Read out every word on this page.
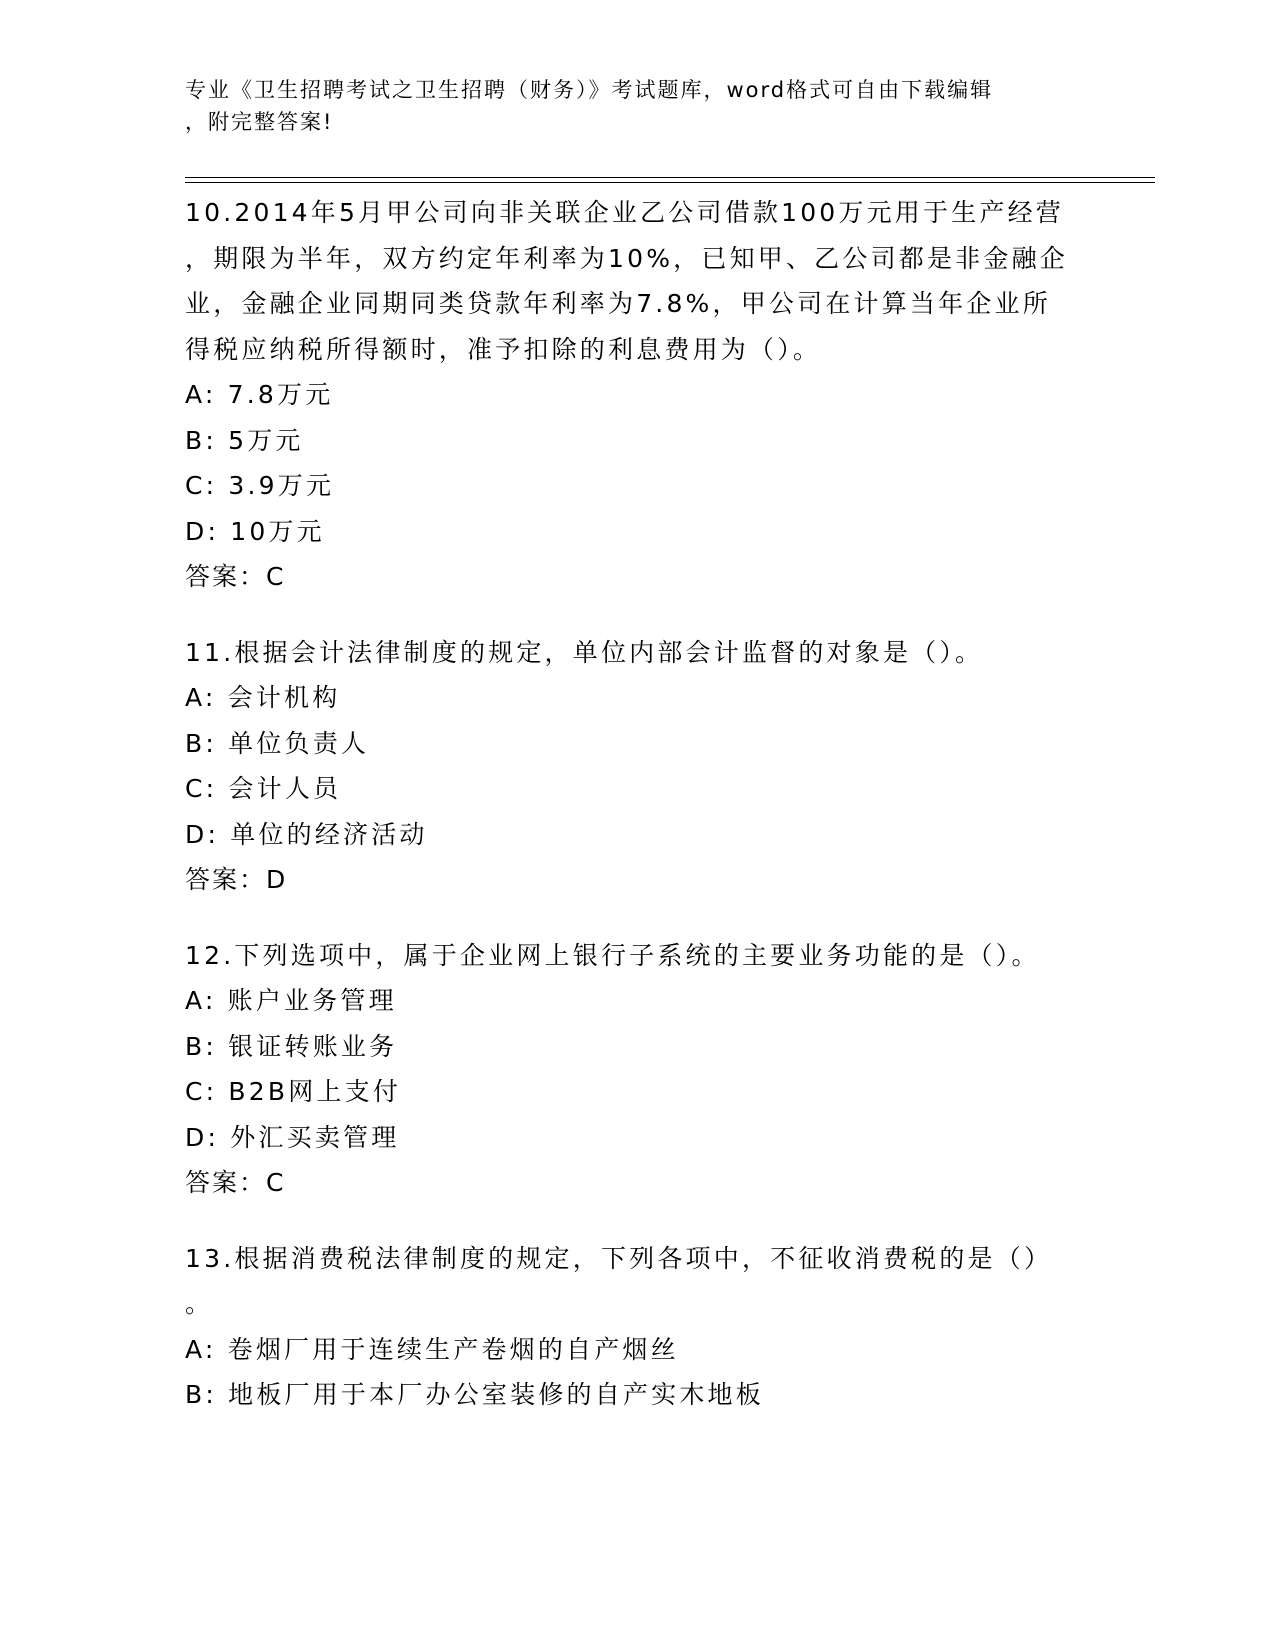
专业《卫生招聘考试之卫生招聘（财务）》考试题库，word格式可自由下载编辑
，附完整答案!
10.2014年5月甲公司向非关联企业乙公司借款100万元用于生产经营
，期限为半年，双方约定年利率为10%，已知甲、乙公司都是非金融企
业，金融企业同期同类贷款年利率为7.8%，甲公司在计算当年企业所
得税应纳税所得额时，准予扣除的利息费用为（）。
A: 7.8万元
B: 5万元
C: 3.9万元
D: 10万元
答案：C
11.根据会计法律制度的规定，单位内部会计监督的对象是（）。
A: 会计机构
B: 单位负责人
C: 会计人员
D: 单位的经济活动
答案：D
12.下列选项中，属于企业网上银行子系统的主要业务功能的是（）。
A: 账户业务管理
B: 银证转账业务
C: B2B网上支付
D: 外汇买卖管理
答案：C
13.根据消费税法律制度的规定，下列各项中，不征收消费税的是（）
。
A: 卷烟厂用于连续生产卷烟的自产烟丝
B: 地板厂用于本厂办公室装修的自产实木地板
